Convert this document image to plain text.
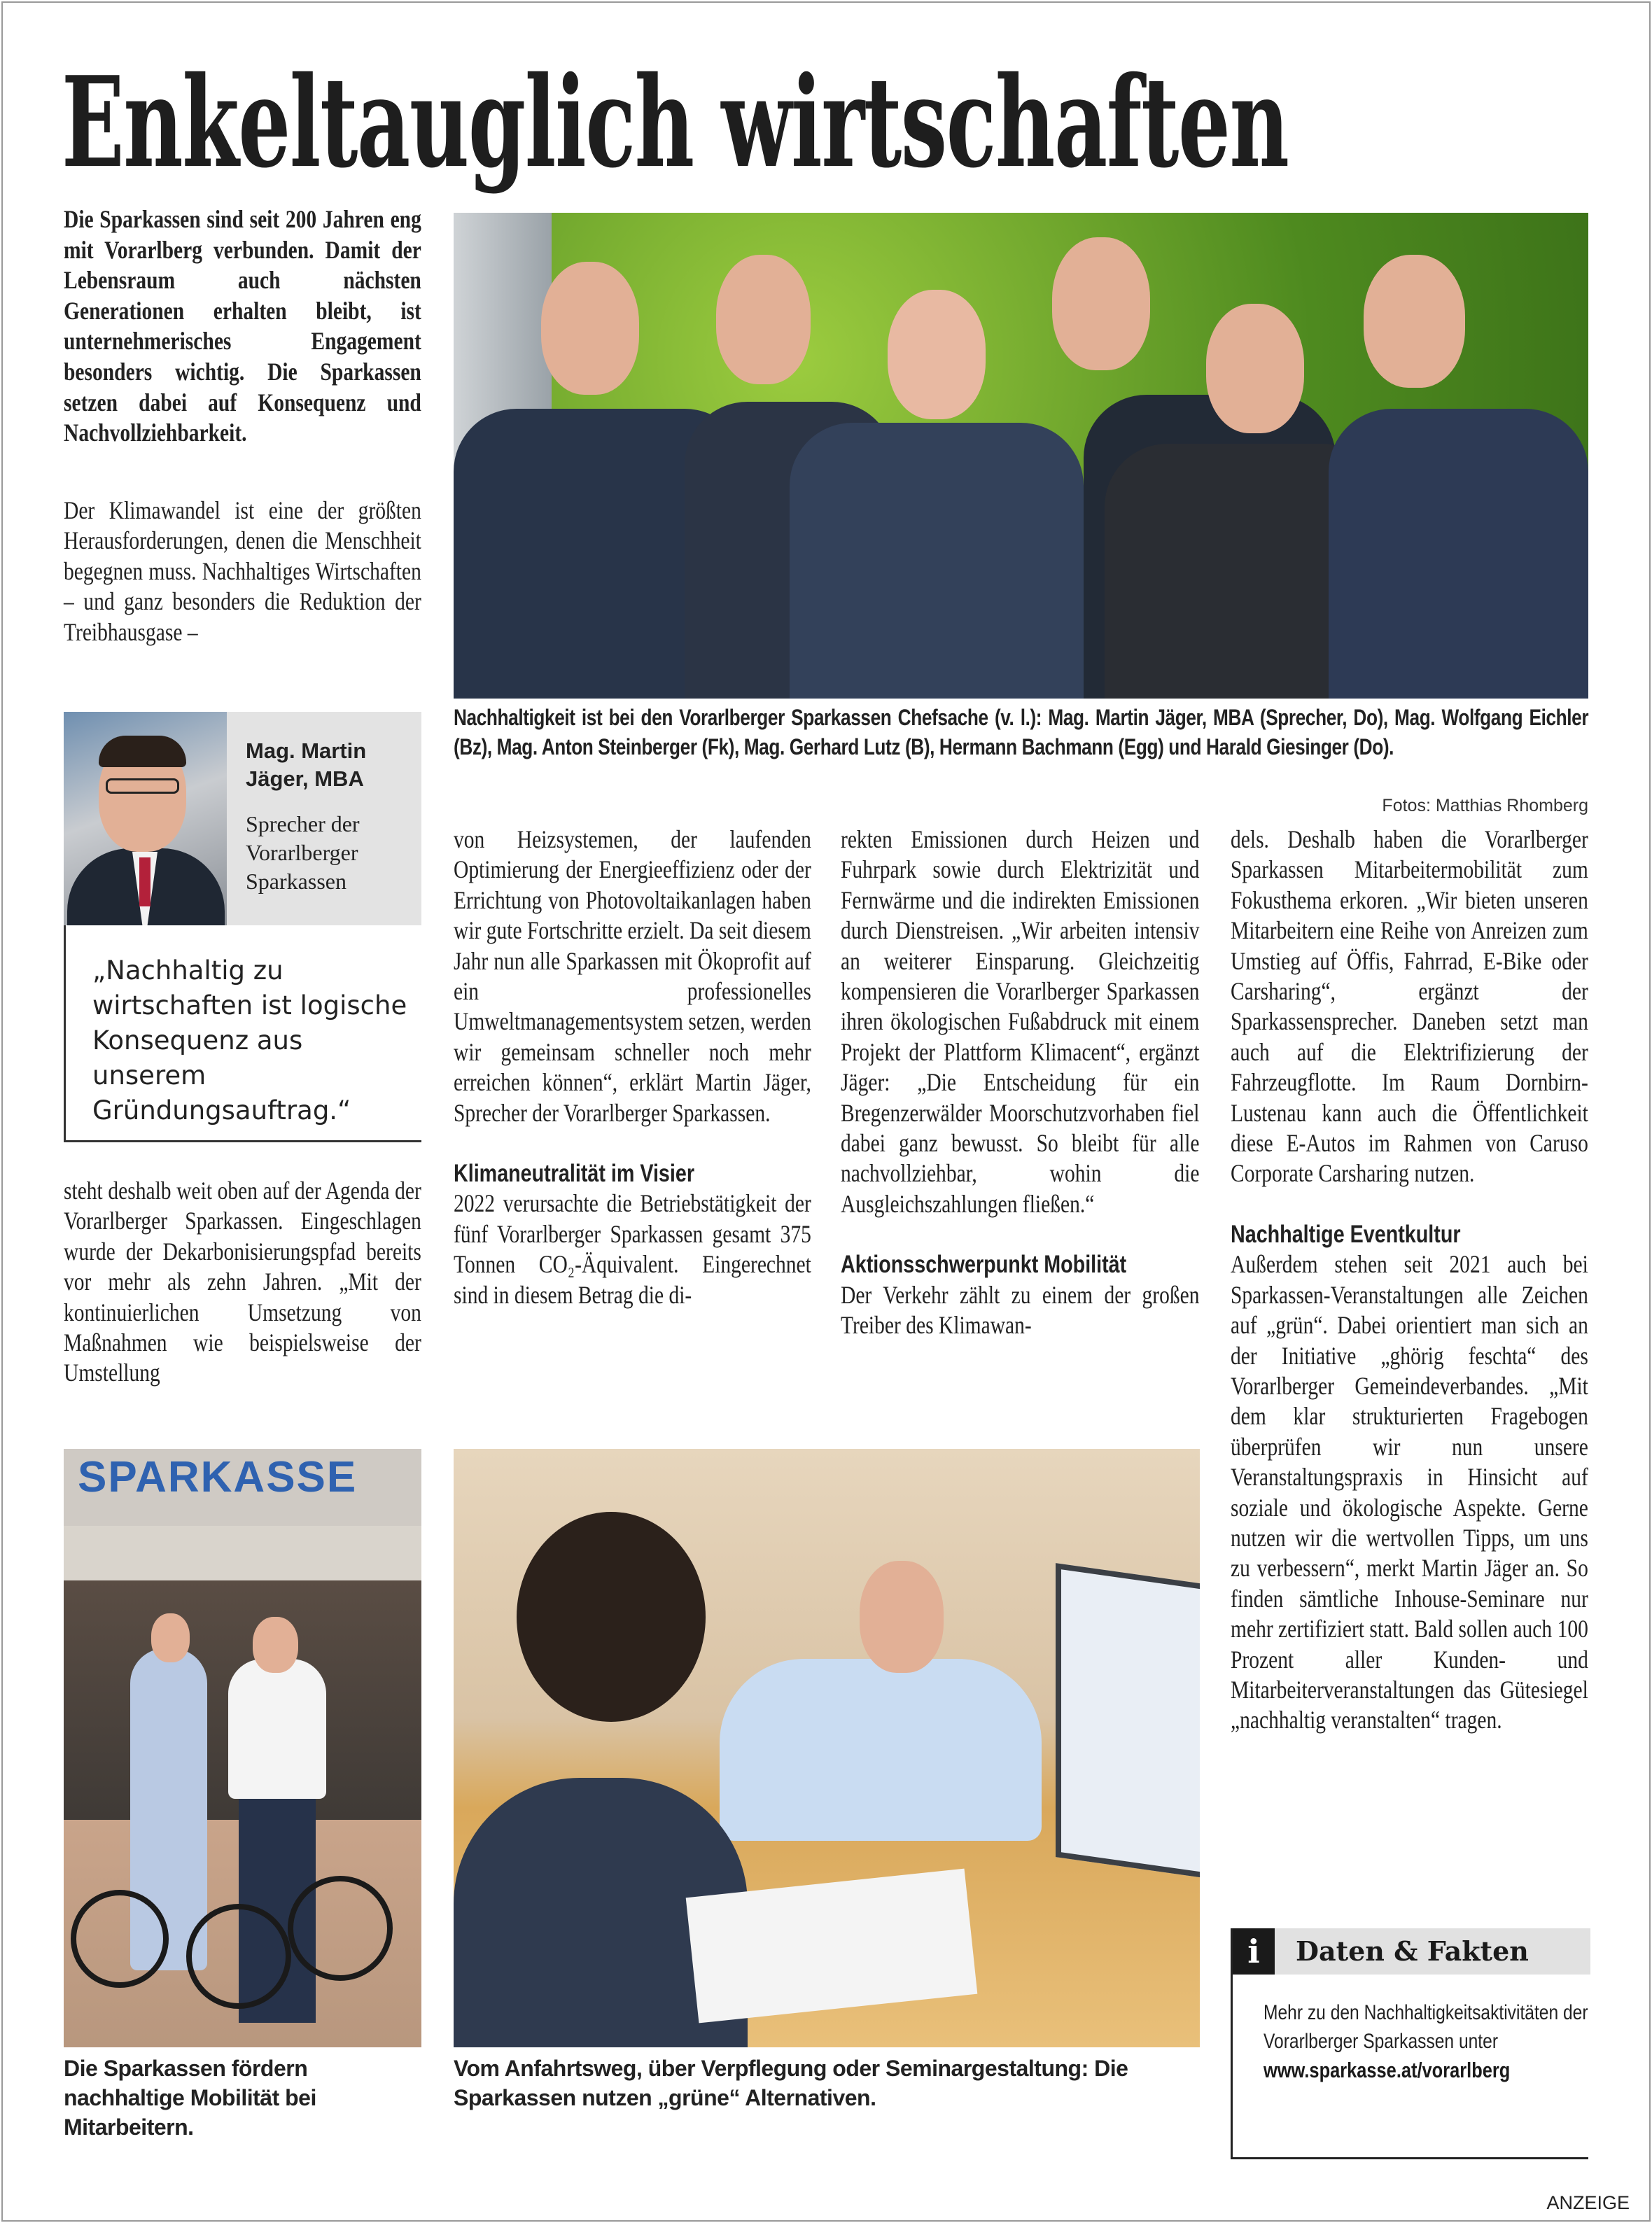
Enkeltauglich wirtschaften

Die Sparkassen sind seit 200 Jahren eng mit Vorarlberg verbunden. Damit der Lebensraum auch nächsten Generationen erhalten bleibt, ist unternehmerisches Engagement besonders wichtig. Die Sparkassen setzen dabei auf Konsequenz und Nachvollziehbarkeit.

Der Klimawandel ist eine der größten Herausforderungen, denen die Menschheit begegnen muss. Nachhaltiges Wirtschaften – und ganz besonders die Reduktion der Treibhausgase –

Mag. Martin Jäger, MBA
Sprecher der Vorarlberger Sparkassen

„Nachhaltig zu wirtschaften ist logische Konsequenz aus unserem Gründungsauftrag.“

steht deshalb weit oben auf der Agenda der Vorarlberger Sparkassen. Eingeschlagen wurde der Dekarbonisierungspfad bereits vor mehr als zehn Jahren. „Mit der kontinuierlichen Umsetzung von Maßnahmen wie beispielsweise der Umstellung

Nachhaltigkeit ist bei den Vorarlberger Sparkassen Chefsache (v. l.): Mag. Martin Jäger, MBA (Sprecher, Do), Mag. Wolfgang Eichler (Bz), Mag. Anton Steinberger (Fk), Mag. Gerhard Lutz (B), Hermann Bachmann (Egg) und Harald Giesinger (Do).

Fotos: Matthias Rhomberg

von Heizsystemen, der laufenden Optimierung der Energieeffizienz oder der Errichtung von Photovoltaikanlagen haben wir gute Fortschritte erzielt. Da seit diesem Jahr nun alle Sparkassen mit Ökoprofit auf ein professionelles Umweltmanagementsystem setzen, werden wir gemeinsam schneller noch mehr erreichen können“, erklärt Martin Jäger, Sprecher der Vorarlberger Sparkassen.

Klimaneutralität im Visier

2022 verursachte die Betriebstätigkeit der fünf Vorarlberger Sparkassen gesamt 375 Tonnen CO₂-Äquivalent. Eingerechnet sind in diesem Betrag die di-

rekten Emissionen durch Heizen und Fuhrpark sowie durch Elektrizität und Fernwärme und die indirekten Emissionen durch Dienstreisen. „Wir arbeiten intensiv an weiterer Einsparung. Gleichzeitig kompensieren die Vorarlberger Sparkassen ihren ökologischen Fußabdruck mit einem Projekt der Plattform Klimacent“, ergänzt Jäger: „Die Entscheidung für ein Bregenzerwälder Moorschutzvorhaben fiel dabei ganz bewusst. So bleibt für alle nachvollziehbar, wohin die Ausgleichszahlungen fließen.“

Aktionsschwerpunkt Mobilität

Der Verkehr zählt zu einem der großen Treiber des Klimawan-

dels. Deshalb haben die Vorarlberger Sparkassen Mitarbeitermobilität zum Fokusthema erkoren. „Wir bieten unseren Mitarbeitern eine Reihe von Anreizen zum Umstieg auf Öffis, Fahrrad, E-Bike oder Carsharing“, ergänzt der Sparkassensprecher. Daneben setzt man auch auf die Elektrifizierung der Fahrzeugflotte. Im Raum Dornbirn-Lustenau kann auch die Öffentlichkeit diese E-Autos im Rahmen von Caruso Corporate Carsharing nutzen.

Nachhaltige Eventkultur

Außerdem stehen seit 2021 auch bei Sparkassen-Veranstaltungen alle Zeichen auf „grün“. Dabei orientiert man sich an der Initiative „ghörig feschta“ des Vorarlberger Gemeindeverbandes. „Mit dem klar strukturierten Fragebogen überprüfen wir nun unsere Veranstaltungspraxis in Hinsicht auf soziale und ökologische Aspekte. Gerne nutzen wir die wertvollen Tipps, um uns zu verbessern“, merkt Martin Jäger an. So finden sämtliche Inhouse-Seminare nur mehr zertifiziert statt. Bald sollen auch 100 Prozent aller Kunden- und Mitarbeiterveranstaltungen das Gütesiegel „nachhaltig veranstalten“ tragen.

SPARKASSE

Die Sparkassen fördern nachhaltige Mobilität bei Mitarbeitern.

Vom Anfahrtsweg, über Verpflegung oder Seminargestaltung: Die Sparkassen nutzen „grüne“ Alternativen.

i	Daten & Fakten

Mehr zu den Nachhaltigkeitsaktivitäten der Vorarlberger Sparkassen unter

www.sparkasse.at/vorarlberg
ANZEIGE
